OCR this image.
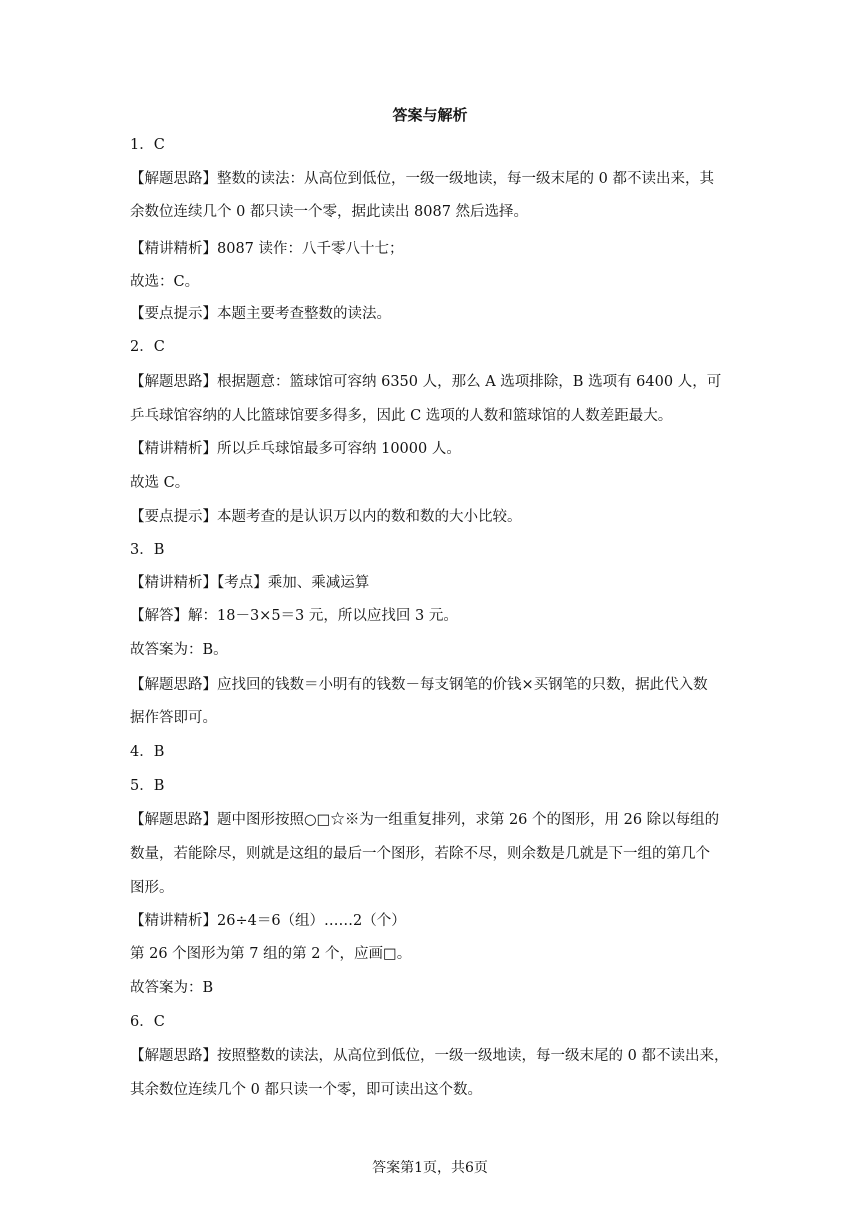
答案与解析
1．C
【解题思路】整数的读法：从高位到低位，一级一级地读，每一级末尾的 0 都不读出来，其
余数位连续几个 0 都只读一个零，据此读出 8087 然后选择。
【精讲精析】8087 读作：八千零八十七；
故选：C。
【要点提示】本题主要考查整数的读法。
2．C
【解题思路】根据题意：篮球馆可容纳 6350 人，那么 A 选项排除，B 选项有 6400 人，可
乒乓球馆容纳的人比篮球馆要多得多，因此 C 选项的人数和篮球馆的人数差距最大。
【精讲精析】所以乒乓球馆最多可容纳 10000 人。
故选 C。
【要点提示】本题考查的是认识万以内的数和数的大小比较。
3．B
【精讲精析】【考点】乘加、乘减运算
【解答】解：18－3×5＝3 元，所以应找回 3 元。
故答案为：B。
【解题思路】应找回的钱数＝小明有的钱数－每支钢笔的价钱×买钢笔的只数，据此代入数
据作答即可。
4．B
5．B
【解题思路】题中图形按照○□☆※为一组重复排列，求第 26 个的图形，用 26 除以每组的
数量，若能除尽，则就是这组的最后一个图形，若除不尽，则余数是几就是下一组的第几个
图形。
【精讲精析】26÷4＝6（组）……2（个）
第 26 个图形为第 7 组的第 2 个，应画□。
故答案为：B
6．C
【解题思路】按照整数的读法，从高位到低位，一级一级地读，每一级末尾的 0 都不读出来，
其余数位连续几个 0 都只读一个零，即可读出这个数。
答案第1页，共6页
